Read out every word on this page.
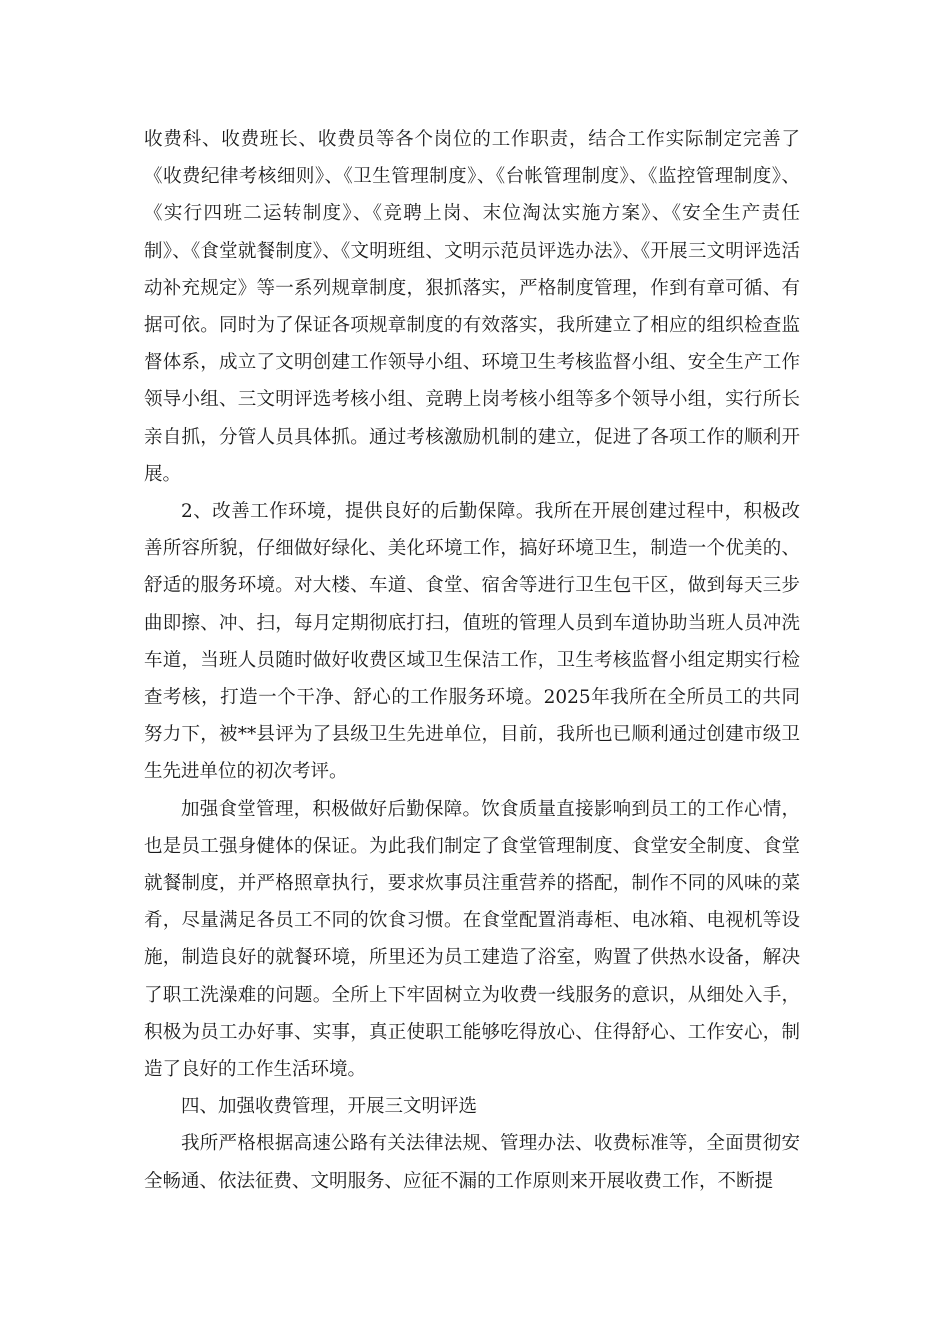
收费科、收费班长、收费员等各个岗位的工作职责，结合工作实际制定完善了《收费纪律考核细则》、《卫生管理制度》、《台帐管理制度》、《监控管理制度》、《实行四班二运转制度》、《竞聘上岗、末位淘汰实施方案》、《安全生产责任制》、《食堂就餐制度》、《文明班组、文明示范员评选办法》、《开展三文明评选活动补充规定》等一系列规章制度，狠抓落实，严格制度管理，作到有章可循、有据可依。同时为了保证各项规章制度的有效落实，我所建立了相应的组织检查监督体系，成立了文明创建工作领导小组、环境卫生考核监督小组、安全生产工作领导小组、三文明评选考核小组、竞聘上岗考核小组等多个领导小组，实行所长亲自抓，分管人员具体抓。通过考核激励机制的建立，促进了各项工作的顺利开展。

2、改善工作环境，提供良好的后勤保障。我所在开展创建过程中，积极改善所容所貌，仔细做好绿化、美化环境工作，搞好环境卫生，制造一个优美的、舒适的服务环境。对大楼、车道、食堂、宿舍等进行卫生包干区，做到每天三步曲即擦、冲、扫，每月定期彻底打扫，值班的管理人员到车道协助当班人员冲洗车道，当班人员随时做好收费区域卫生保洁工作，卫生考核监督小组定期实行检查考核，打造一个干净、舒心的工作服务环境。2025年我所在全所员工的共同努力下，被**县评为了县级卫生先进单位，目前，我所也已顺利通过创建市级卫生先进单位的初次考评。

加强食堂管理，积极做好后勤保障。饮食质量直接影响到员工的工作心情，也是员工强身健体的保证。为此我们制定了食堂管理制度、食堂安全制度、食堂就餐制度，并严格照章执行，要求炊事员注重营养的搭配，制作不同的风味的菜肴，尽量满足各员工不同的饮食习惯。在食堂配置消毒柜、电冰箱、电视机等设施，制造良好的就餐环境，所里还为员工建造了浴室，购置了供热水设备，解决了职工洗澡难的问题。全所上下牢固树立为收费一线服务的意识，从细处入手，积极为员工办好事、实事，真正使职工能够吃得放心、住得舒心、工作安心，制造了良好的工作生活环境。

四、加强收费管理，开展三文明评选

我所严格根据高速公路有关法律法规、管理办法、收费标准等，全面贯彻安全畅通、依法征费、文明服务、应征不漏的工作原则来开展收费工作，不断提
